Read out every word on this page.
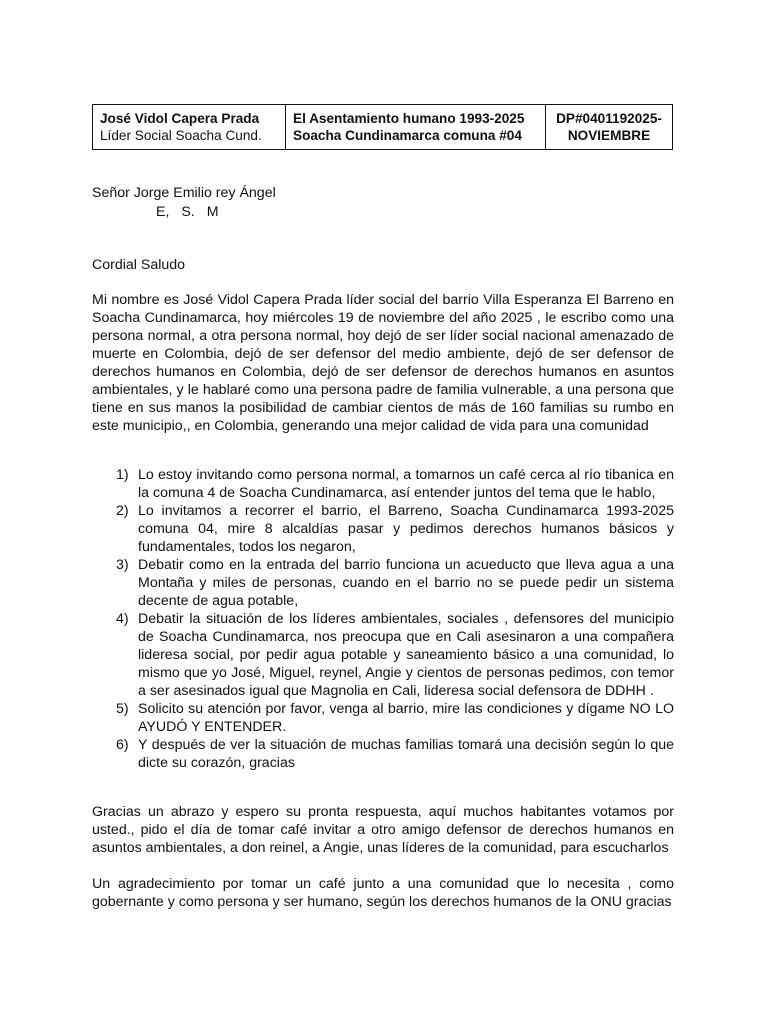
José Vidol Capera Prada
Líder Social Soacha Cund.

El Asentamiento humano 1993-2025
Soacha Cundinamarca comuna #04

DP#0401192025-
NOVIEMBRE
Señor Jorge Emilio rey Ángel
E, S. M
Cordial Saludo

Mi nombre es José Vidol Capera Prada líder social del barrio Villa Esperanza El Barreno en Soacha Cundinamarca, hoy miércoles 19 de noviembre del año 2025 , le escribo como una persona normal, a otra persona normal, hoy dejó de ser líder social nacional amenazado de muerte en Colombia, dejó de ser defensor del medio ambiente, dejó de ser defensor de derechos humanos en Colombia, dejó de ser defensor de derechos humanos en asuntos ambientales, y le hablaré como una persona padre de familia vulnerable, a una persona que tiene en sus manos la posibilidad de cambiar cientos de más de 160 familias su rumbo en este municipio,, en Colombia, generando una mejor calidad de vida para una comunidad

1) Lo estoy invitando como persona normal, a tomarnos un café cerca al río tibanica en la comuna 4 de Soacha Cundinamarca, así entender juntos del tema que le hablo,
2) Lo invitamos a recorrer el barrio, el Barreno, Soacha Cundinamarca 1993-2025 comuna 04, mire 8 alcaldías pasar y pedimos derechos humanos básicos y fundamentales, todos los negaron,
3) Debatir como en la entrada del barrio funciona un acueducto que lleva agua a una Montaña y miles de personas, cuando en el barrio no se puede pedir un sistema decente de agua potable,
4) Debatir la situación de los líderes ambientales, sociales , defensores del municipio de Soacha Cundinamarca, nos preocupa que en Cali asesinaron a una compañera lideresa social, por pedir agua potable y saneamiento básico a una comunidad, lo mismo que yo José, Miguel, reynel, Angie y cientos de personas pedimos, con temor a ser asesinados igual que Magnolia en Cali, lideresa social defensora de DDHH .
5) Solicito su atención por favor, venga al barrio, mire las condiciones y dígame NO LO AYUDÓ Y ENTENDER.
6) Y después de ver la situación de muchas familias tomará una decisión según lo que dicte su corazón, gracias

Gracias un abrazo y espero su pronta respuesta, aquí muchos habitantes votamos por usted., pido el día de tomar café invitar a otro amigo defensor de derechos humanos en asuntos ambientales, a don reinel, a Angie, unas líderes de la comunidad, para escucharlos

Un agradecimiento por tomar un café junto a una comunidad que lo necesita , como gobernante y como persona y ser humano, según los derechos humanos de la ONU gracias
